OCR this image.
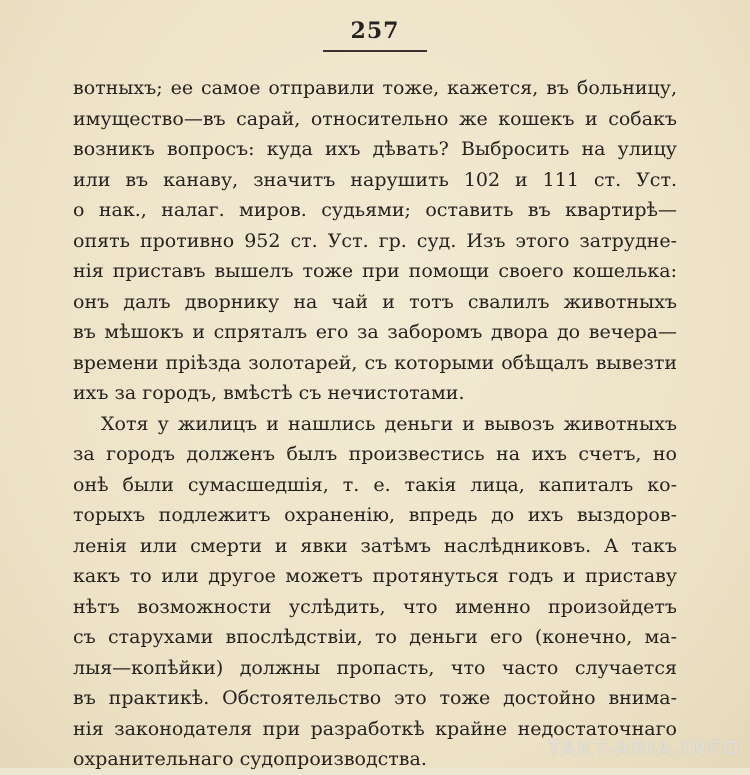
257
вотныхъ; ее самое отправили тоже, кажется, въ больницу,
имущество—въ сарай, относительно же кошекъ и собакъ
возникъ вопросъ: куда ихъ дѣвать? Выбросить на улицу
или въ канаву, значитъ нарушить 102 и 111 ст. Уст.
о нак., налаг. миров. судьями; оставить въ квартирѣ—
опять противно 952 ст. Уст. гр. суд. Изъ этого затрудне-
нія приставъ вышелъ тоже при помощи своего кошелька:
онъ далъ дворнику на чай и тотъ свалилъ животныхъ
въ мѣшокъ и спряталъ его за заборомъ двора до вечера—
времени пріѣзда золотарей, съ которыми обѣщалъ вывезти
ихъ за городъ, вмѣстѣ съ нечистотами.
Хотя у жилицъ и нашлись деньги и вывозъ животныхъ
за городъ долженъ былъ произвестись на ихъ счетъ, но
онѣ были сумасшедшія, т. е. такія лица, капиталъ ко-
торыхъ подлежитъ охраненію, впредь до ихъ выздоров-
ленія или смерти и явки затѣмъ наслѣдниковъ. А такъ
какъ то или другое можетъ протянуться годъ и приставу
нѣтъ возможности услѣдить, что именно произойдетъ
съ старухами впослѣдствіи, то деньги его (конечно, ма-
лыя—копѣйки) должны пропасть, что часто случается
въ практикѣ. Обстоятельство это тоже достойно внима-
нія законодателя при разработкѣ крайне недостаточнаго
охранительнаго судопроизводства.	TAKT-ARIA.INFO
